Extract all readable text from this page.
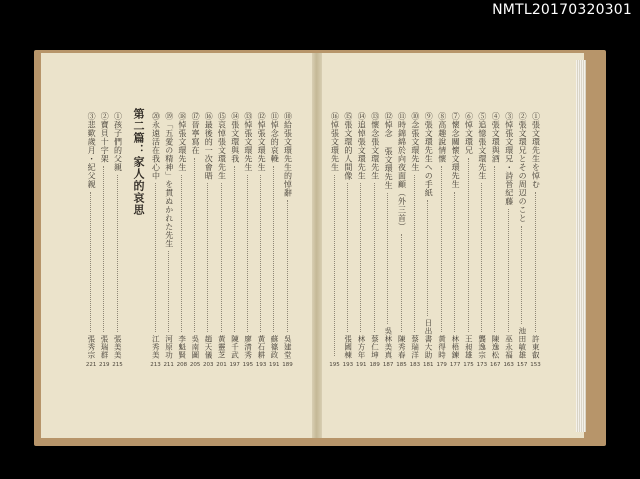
NMTL20170320301
第二篇：家人的哀思	①張文環先生を悼む
許東叡
153
②張文環兄とその周辺のこと
池田敏雄
157
③悼張文環兄・詩晉紀藤
巫永福
163
④張文環與酒
陳逸松
167
⑤追憶張文環先生
龔逸宗
173
⑥悼文環兄
王昶雄
175
⑦懷念關懷文環先生
林梧鍊
177
⑧高趣說情懷
黃得時
179
⑨張文環先生への手紙
日出書大助
181
⑩念張文環先生
蔡瑞洋
183
⑪時錦綿於向夜面顧（外三首）
陳秀春
185
⑫悼念 張文環先生
吳林美真
187
⑬懷念張文環先生
蔡仁坤
189
⑭追悼張文環先生
林方年
191
⑮張文環的人間像
張國棟
193
⑯悼張文環先生
195
⑩給張文環先生的悼辭
吳建堂
189
⑪悼念的哀輓
蘇篠政
191
⑫悼張文環先生
黃石耕
193
⑬悼張文環先生
廖清秀
195
⑭張文環與我
陳千武
197
⑮哀悼張文環先生
黃靈芝
201
⑯最後的一次會晤
趙天儀
203
⑰晉寧寫在
吳南圖
205
⑱悼張文環先生
李魁賢
208
⑲「五愛の精神」を貫ぬかれた先生
河原功
211
⑳永遠活在我心中
江秀美
213
①孩子們的父親
張美美
215
②寶貝十字架
張瑞群
219
③悲歎歲月・紀父親
張秀宗
221
